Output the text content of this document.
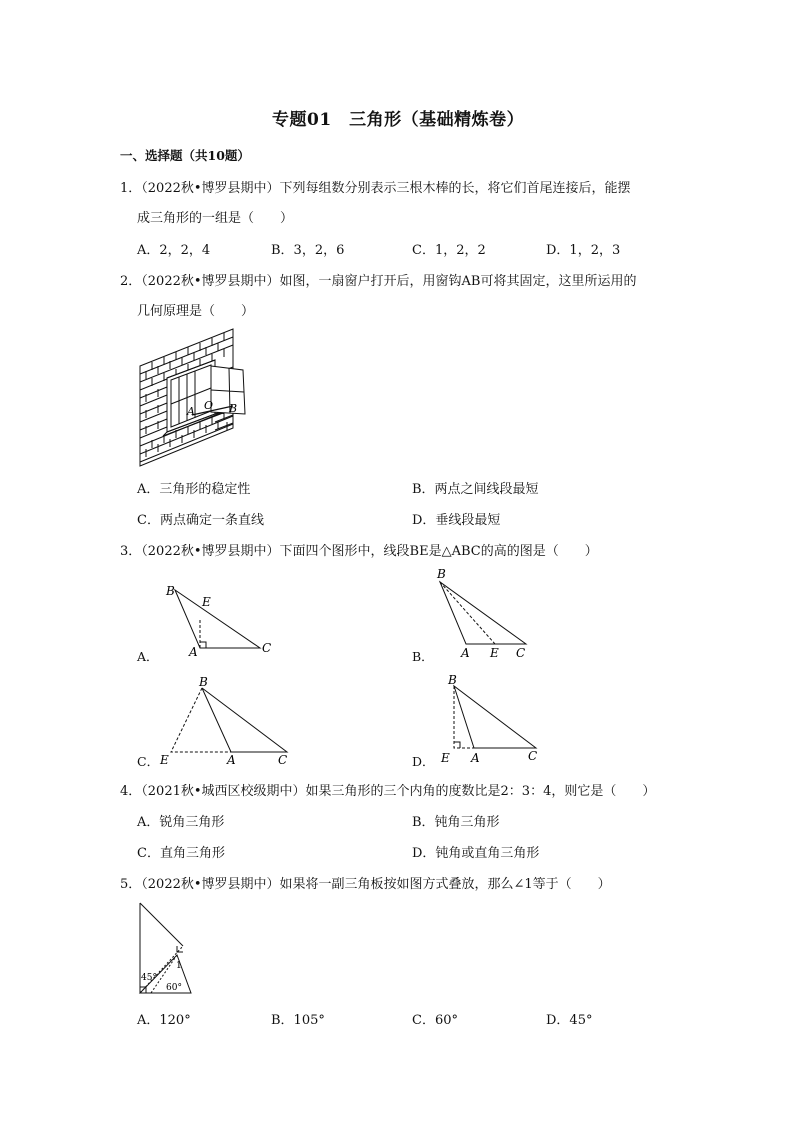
专题01　三角形（基础精炼卷）
一、选择题（共10题）
1．（2022秋•博罗县期中）下列每组数分别表示三根木棒的长，将它们首尾连接后，能摆
成三角形的一组是（　　）
A．2，2，4	B．3，2，6	C．1，2，2	D．1，2，3
2．（2022秋•博罗县期中）如图，一扇窗户打开后，用窗钩AB可将其固定，这里所运用的
几何原理是（　　）
A O B
A．三角形的稳定性	B．两点之间线段最短
C．两点确定一条直线	D．垂线段最短
3．（2022秋•博罗县期中）下面四个图形中，线段BE是△ABC的高的图是（　　）
A．
B
E
A	C
B．
B
A E C
C．
B
E	A	C	D．
B
E A	C
4．（2021秋•城西区校级期中）如果三角形的三个内角的度数比是2：3：4，则它是（　　）
A．锐角三角形	B．钝角三角形
C．直角三角形	D．钝角或直角三角形
5．（2022秋•博罗县期中）如果将一副三角板按如图方式叠放，那么∠1等于（　　）
1
45°
60°
A．120°	B．105°	C．60°	D．45°
